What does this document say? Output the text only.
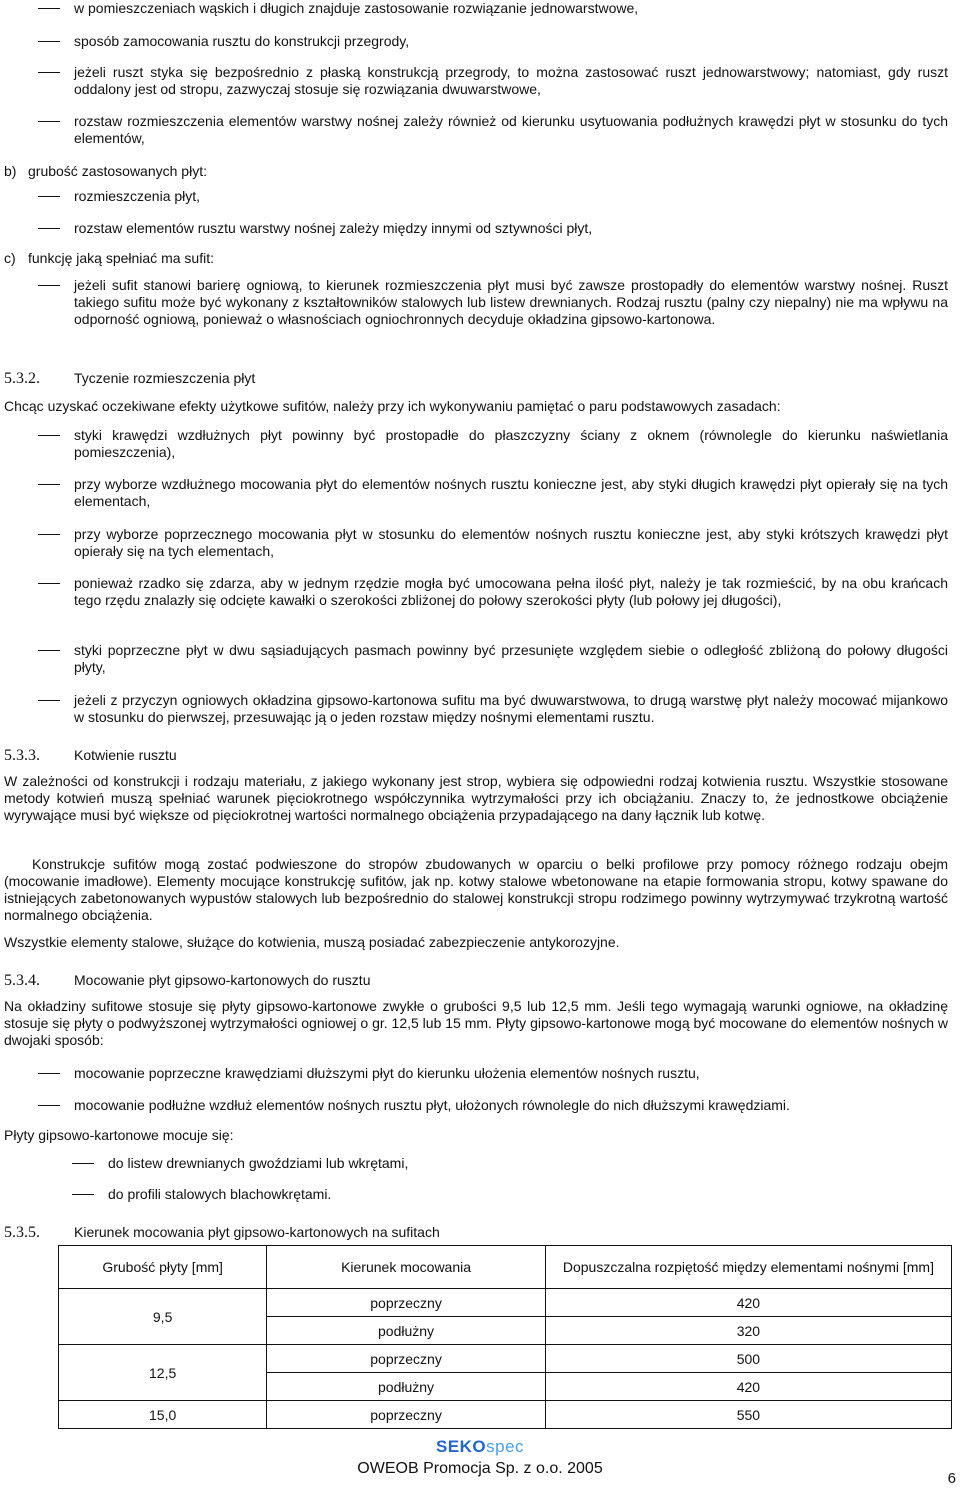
w pomieszczeniach wąskich i długich znajduje zastosowanie rozwiązanie jednowarstwowe,

sposób zamocowania rusztu do konstrukcji przegrody,

jeżeli ruszt styka się bezpośrednio z płaską konstrukcją przegrody, to można zastosować ruszt jednowarstwowy; natomiast, gdy ruszt oddalony jest od stropu, zazwyczaj stosuje się rozwiązania dwuwarstwowe,

rozstaw rozmieszczenia elementów warstwy nośnej zależy również od kierunku usytuowania podłużnych krawędzi płyt w stosunku do tych elementów,

b) grubość zastosowanych płyt:

rozmieszczenia płyt,

rozstaw elementów rusztu warstwy nośnej zależy między innymi od sztywności płyt,

c) funkcję jaką spełniać ma sufit:

jeżeli sufit stanowi barierę ogniową, to kierunek rozmieszczenia płyt musi być zawsze prostopadły do elementów warstwy nośnej. Ruszt takiego sufitu może być wykonany z kształtowników stalowych lub listew drewnianych. Rodzaj rusztu (palny czy niepalny) nie ma wpływu na odporność ogniową, ponieważ o własnościach ogniochronnych decyduje okładzina gipsowo-kartonowa.

5.3.2. Tyczenie rozmieszczenia płyt

Chcąc uzyskać oczekiwane efekty użytkowe sufitów, należy przy ich wykonywaniu pamiętać o paru podstawowych zasadach:

styki krawędzi wzdłużnych płyt powinny być prostopadłe do płaszczyzny ściany z oknem (równolegle do kierunku naświetlania pomieszczenia),

przy wyborze wzdłużnego mocowania płyt do elementów nośnych rusztu konieczne jest, aby styki długich krawędzi płyt opierały się na tych elementach,

przy wyborze poprzecznego mocowania płyt w stosunku do elementów nośnych rusztu konieczne jest, aby styki krótszych krawędzi płyt opierały się na tych elementach,

ponieważ rzadko się zdarza, aby w jednym rzędzie mogła być umocowana pełna ilość płyt, należy je tak rozmieścić, by na obu krańcach tego rzędu znalazły się odcięte kawałki o szerokości zbliżonej do połowy szerokości płyty (lub połowy jej długości),

styki poprzeczne płyt w dwu sąsiadujących pasmach powinny być przesunięte względem siebie o odległość zbliżoną do połowy długości płyty,

jeżeli z przyczyn ogniowych okładzina gipsowo-kartonowa sufitu ma być dwuwarstwowa, to drugą warstwę płyt należy mocować mijankowo w stosunku do pierwszej, przesuwając ją o jeden rozstaw między nośnymi elementami rusztu.

5.3.3. Kotwienie rusztu

W zależności od konstrukcji i rodzaju materiału, z jakiego wykonany jest strop, wybiera się odpowiedni rodzaj kotwienia rusztu. Wszystkie stosowane metody kotwień muszą spełniać warunek pięciokrotnego współczynnika wytrzymałości przy ich obciążaniu. Znaczy to, że jednostkowe obciążenie wyrywające musi być większe od pięciokrotnej wartości normalnego obciążenia przypadającego na dany łącznik lub kotwę.

Konstrukcje sufitów mogą zostać podwieszone do stropów zbudowanych w oparciu o belki profilowe przy pomocy różnego rodzaju obejm (mocowanie imadłowe). Elementy mocujące konstrukcję sufitów, jak np. kotwy stalowe wbetonowane na etapie formowania stropu, kotwy spawane do istniejących zabetonowanych wypustów stalowych lub bezpośrednio do stalowej konstrukcji stropu rodzimego powinny wytrzymywać trzykrotną wartość normalnego obciążenia.

Wszystkie elementy stalowe, służące do kotwienia, muszą posiadać zabezpieczenie antykorozyjne.

5.3.4. Mocowanie płyt gipsowo-kartonowych do rusztu

Na okładziny sufitowe stosuje się płyty gipsowo-kartonowe zwykłe o grubości 9,5 lub 12,5 mm. Jeśli tego wymagają warunki ogniowe, na okładzinę stosuje się płyty o podwyższonej wytrzymałości ogniowej o gr. 12,5 lub 15 mm. Płyty gipsowo-kartonowe mogą być mocowane do elementów nośnych w dwojaki sposób:

mocowanie poprzeczne krawędziami dłuższymi płyt do kierunku ułożenia elementów nośnych rusztu,

mocowanie podłużne wzdłuż elementów nośnych rusztu płyt, ułożonych równolegle do nich dłuższymi krawędziami.

Płyty gipsowo-kartonowe mocuje się:

do listew drewnianych gwoździami lub wkrętami,

do profili stalowych blachowkrętami.

5.3.5. Kierunek mocowania płyt gipsowo-kartonowych na sufitach

Grubość płyty [mm]	Kierunek mocowania	Dopuszczalna rozpiętość między elementami nośnymi [mm]
9,5	poprzeczny	420
	podłużny	320
12,5	poprzeczny	500
	podłużny	420
15,0	poprzeczny	550
SEKOspec
OWEOB Promocja Sp. z o.o. 2005
6
